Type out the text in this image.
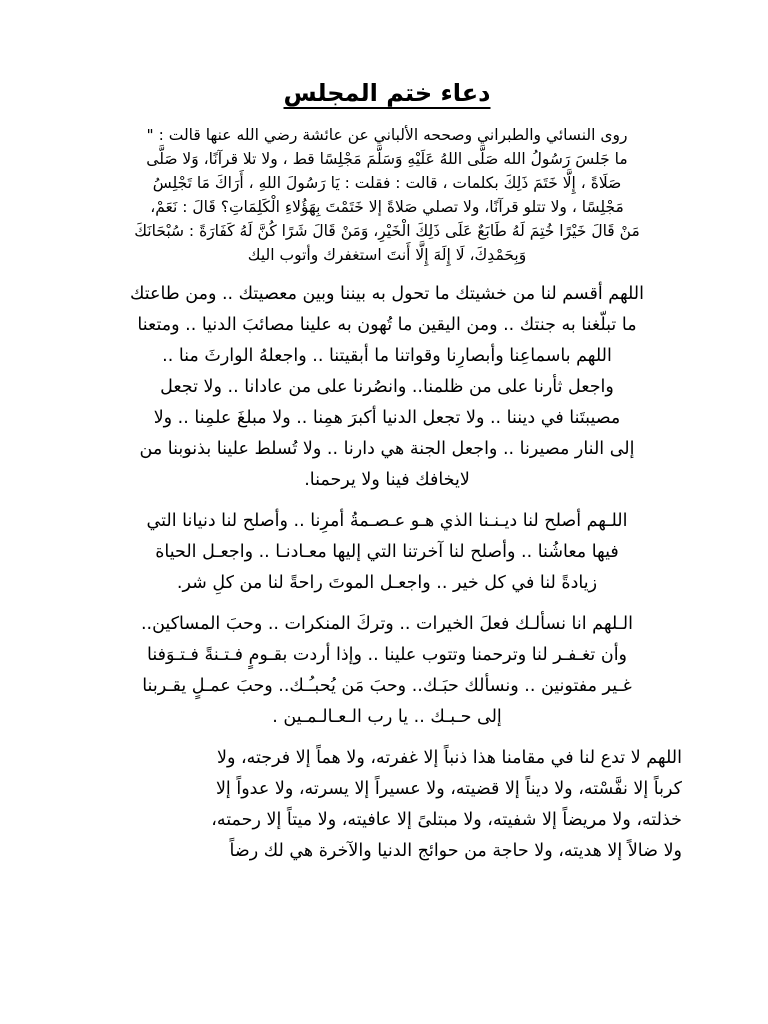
دعاء ختم المجلس

روى النسائي والطبراني وصححه الألباني عن عائشة رضي الله عنها قالت : "
ما جَلسَ رَسُولُ الله صَلَّى اللهُ عَلَيْهِ وَسَلَّمَ مَجْلِسًا قط ، ولا تلا قرآنًا، وَلا صَلَّى
صَلَاةً ، إِلَّا خَتَمَ ذَلِكَ بكلمات ، قالت : فقلت : يَا رَسُولَ اللهِ ، أَرَاكَ مَا تَجْلِسُ
مَجْلِسًا ، ولا تتلو قرآنًا، ولا تصلي صَلاةً إلا خَتَمْتَ بِهَؤُلاءِ الْكَلِمَاتِ؟ قَالَ : نَعَمْ،
مَنْ قَالَ خَيْرًا خُتِمَ لَهُ طَابَعٌ عَلَى ذَلِكَ الْخَيْرِ، وَمَنْ قَالَ شَرًا كُنَّ لَهُ كَفَارَةً : سُبْحَانَكَ
وَبِحَمْدِكَ، لَا إِلَهَ إِلَّا أَنتَ استغفرك وأتوب اليك

اللهم أقسم لنا من خشيتك ما تحول به بيننا وبين معصيتك .. ومن طاعتك
ما تبلّغنا به جنتك .. ومن اليقين ما تُهون به علينا مصائبَ الدنيا .. ومتعنا
اللهم باسماعِنا وأبصارِنا وقواتنا ما أبقيتنا .. واجعلهُ الوارثَ منا ..
واجعل ثأرنا على من ظلمنا.. وانصُرنا على من عادانا .. ولا تجعل
مصيبتَنا في ديننا .. ولا تجعل الدنيا أكبرَ همِنا .. ولا مبلغَ علمِنا .. ولا
إلى النار مصيرنا .. واجعل الجنة هي دارنا .. ولا تُسلط علينا بذنوبنا من
لايخافك فينا ولا يرحمنا.

اللـهم أصلح لنا ديـنـنا الذي هـو عـصـمةُ أمرِنا .. وأصلح لنا دنيانا التي
فيها معاشُنا .. وأصلح لنا آخرتنا التي إليها معـادنـا .. واجعـل الحياة
زيادةً لنا في كل خير .. واجعـل الموتَ راحةً لنا من كلِ شر.

الـلهم انا نسألـك فعلَ الخيرات .. وتركَ المنكرات .. وحبَ المساكين..
وأن تغـفـر لنا وترحمنا وتتوب علينا .. وإذا أردت بقـومٍ فـتـنةً فـتـوَفنا
غـير مفتونين .. ونسألك حبَـك.. وحبَ مَن يُحبـُـك.. وحبَ عمـلٍ يقـربنا
إلى حـبـك .. يا رب الـعـالـمـين .

اللهم لا تدع لنا في مقامنا هذا ذنباً إلا غفرته، ولا هماً إلا فرجته، ولا
كرباً إلا نفَّسْته، ولا ديناً إلا قضيته، ولا عسيراً إلا يسرته، ولا عدواً إلا
خذلته، ولا مريضاً إلا شفيته، ولا مبتلىً إلا عافيته، ولا ميتاً إلا رحمته،
ولا ضالاً إلا هديته، ولا حاجة من حوائج الدنيا والآخرة هي لك رضاً
